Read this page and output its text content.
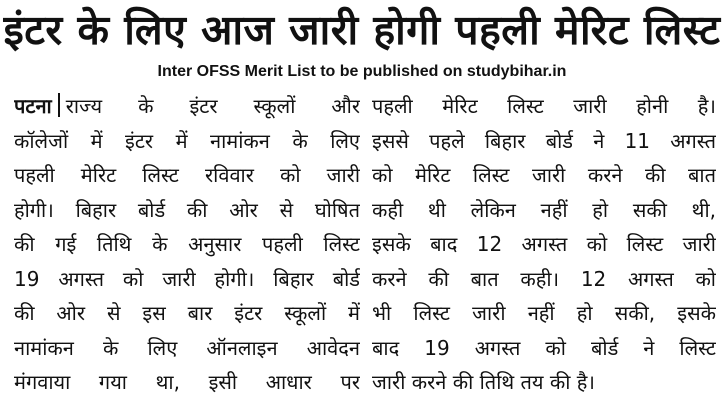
इंटर के लिए आज जारी होगी पहली मेरिट लिस्ट
Inter OFSS Merit List to be published on studybihar.in
पटना राज्य के इंटर स्कूलों और
कॉलेजों में इंटर में नामांकन के लिए
पहली मेरिट लिस्ट रविवार को जारी
होगी। बिहार बोर्ड की ओर से घोषित
की गई तिथि के अनुसार पहली लिस्ट
19 अगस्त को जारी होगी। बिहार बोर्ड
की ओर से इस बार इंटर स्कूलों में
नामांकन के लिए ऑनलाइन आवेदन
मंगवाया गया था, इसी आधार पर
पहली मेरिट लिस्ट जारी होनी है।
इससे पहले बिहार बोर्ड ने 11 अगस्त
को मेरिट लिस्ट जारी करने की बात
कही थी लेकिन नहीं हो सकी थी,
इसके बाद 12 अगस्त को लिस्ट जारी
करने की बात कही। 12 अगस्त को
भी लिस्ट जारी नहीं हो सकी, इसके
बाद 19 अगस्त को बोर्ड ने लिस्ट
जारी करने की तिथि तय की है।
